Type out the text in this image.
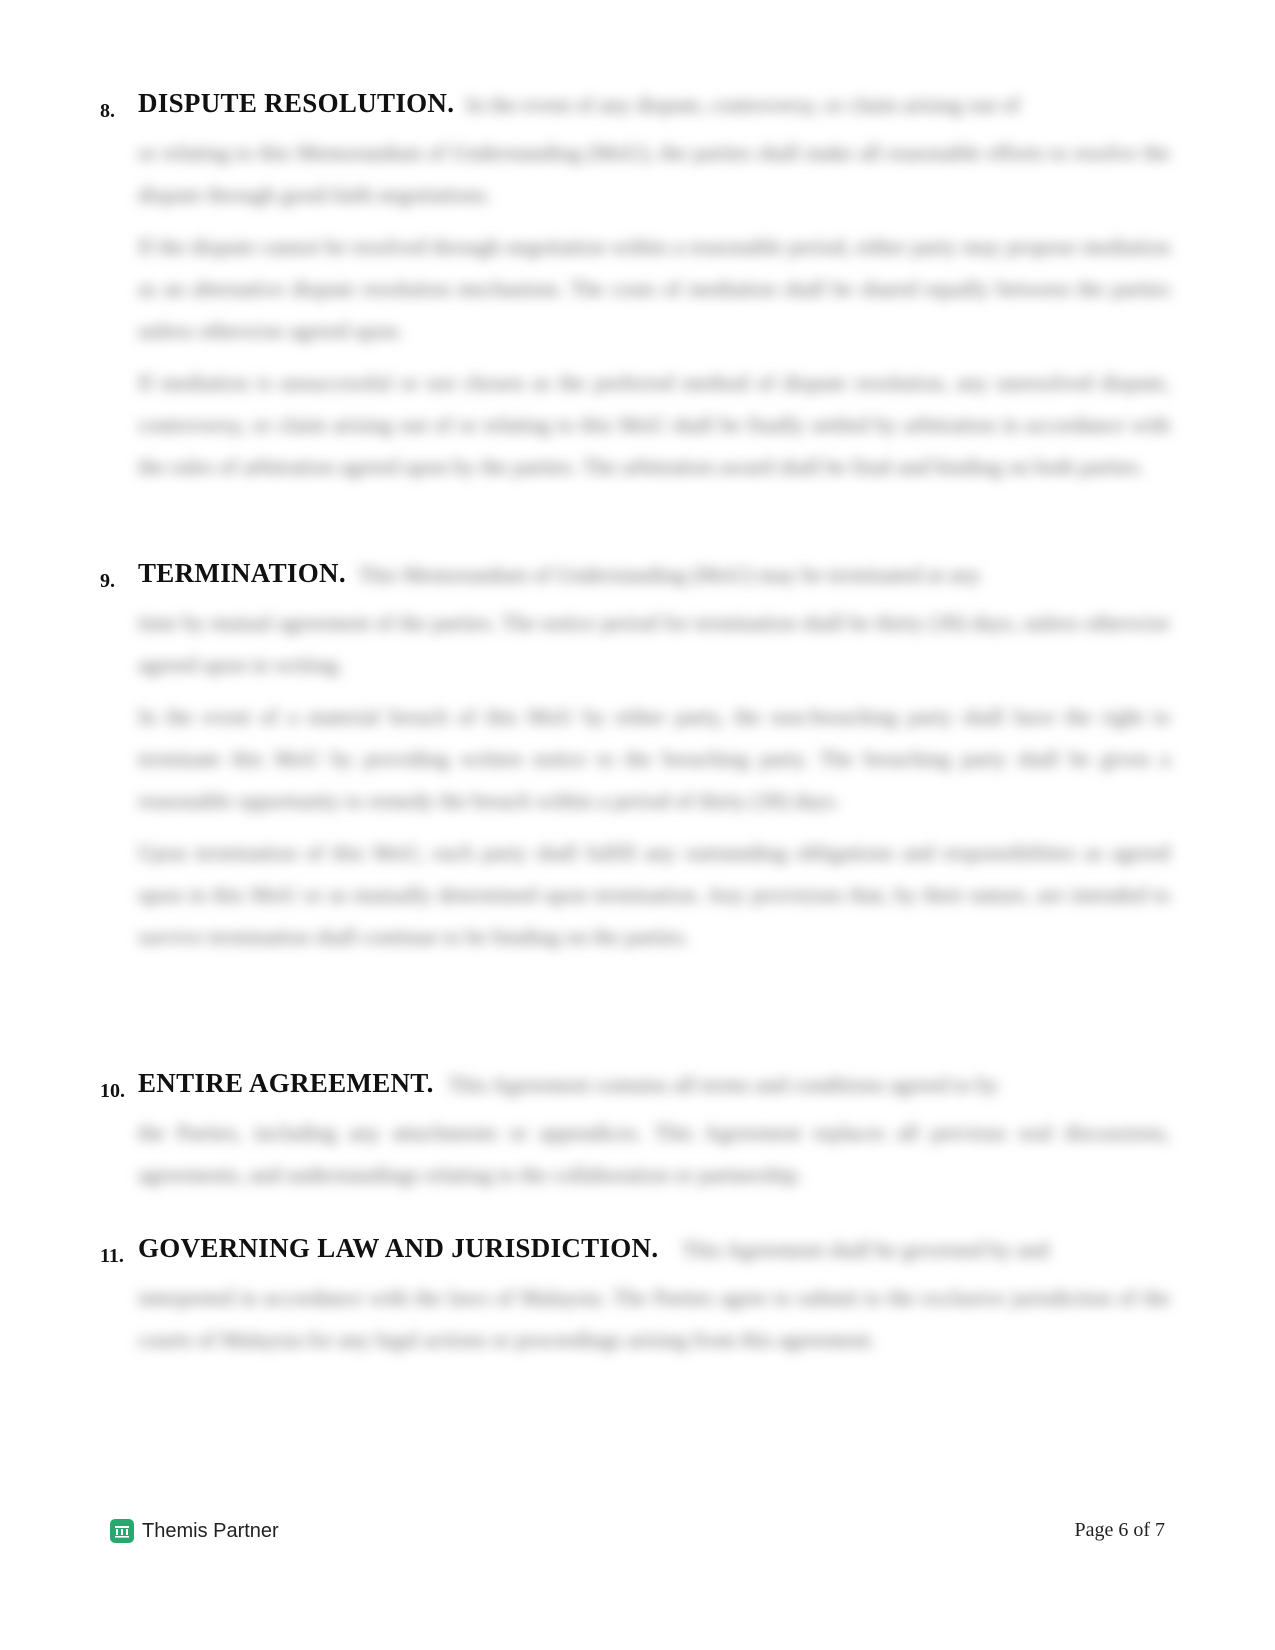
8. DISPUTE RESOLUTION. In the event of any dispute, controversy, or claim arising out of
or relating to this Memorandum of Understanding (MoU), the parties shall make all reasonable efforts to resolve the dispute through good-faith negotiations.
If the dispute cannot be resolved through negotiation within a reasonable period, either party may propose mediation as an alternative dispute resolution mechanism. The costs of mediation shall be shared equally between the parties unless otherwise agreed upon.
If mediation is unsuccessful or not chosen as the preferred method of dispute resolution, any unresolved dispute, controversy, or claim arising out of or relating to this MoU shall be finally settled by arbitration in accordance with the rules of arbitration agreed upon by the parties. The arbitration award shall be final and binding on both parties.
9. TERMINATION. This Memorandum of Understanding (MoU) may be terminated at any
time by mutual agreement of the parties. The notice period for termination shall be thirty (30) days, unless otherwise agreed upon in writing.
In the event of a material breach of this MoU by either party, the non-breaching party shall have the right to terminate this MoU by providing written notice to the breaching party. The breaching party shall be given a reasonable opportunity to remedy the breach within a period of thirty (30) days.
Upon termination of this MoU, each party shall fulfill any outstanding obligations and responsibilities as agreed upon in this MoU or as mutually determined upon termination. Any provisions that, by their nature, are intended to survive termination shall continue to be binding on the parties.
10. ENTIRE AGREEMENT. This Agreement contains all terms and conditions agreed to by
the Parties, including any attachments or appendices. This Agreement replaces all previous oral discussions, agreements, and understandings relating to the collaboration or partnership.
11. GOVERNING LAW AND JURISDICTION. This Agreement shall be governed by and
interpreted in accordance with the laws of Malaysia. The Parties agree to submit to the exclusive jurisdiction of the courts of Malaysia for any legal actions or proceedings arising from this agreement.
Themis Partner	Page 6 of 7
